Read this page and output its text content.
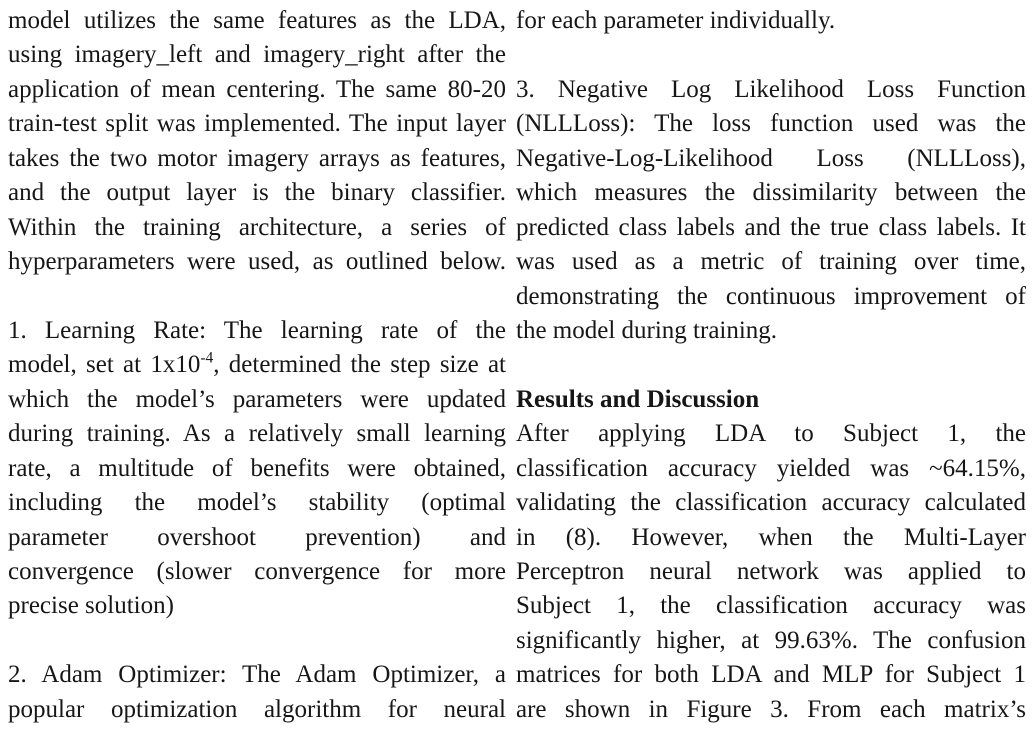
model utilizes the same features as the LDA,
using imagery_left and imagery_right after the
application of mean centering. The same 80-20
train-test split was implemented. The input layer
takes the two motor imagery arrays as features,
and the output layer is the binary classifier.
Within the training architecture, a series of
hyperparameters were used, as outlined below.
1. Learning Rate: The learning rate of the
model, set at $1x10^{-4}$, determined the step size at
which the model’s parameters were updated
during training. As a relatively small learning
rate, a multitude of benefits were obtained,
including the model’s stability (optimal
parameter overshoot prevention) and
convergence (slower convergence for more
precise solution)
2. Adam Optimizer: The Adam Optimizer, a
popular optimization algorithm for neural
for each parameter individually.
3. Negative Log Likelihood Loss Function
(NLLLoss): The loss function used was the
Negative-Log-Likelihood Loss (NLLLoss),
which measures the dissimilarity between the
predicted class labels and the true class labels. It
was used as a metric of training over time,
demonstrating the continuous improvement of
the model during training.
Results and Discussion
After applying LDA to Subject 1, the
classification accuracy yielded was ~64.15%,
validating the classification accuracy calculated
in (8). However, when the Multi-Layer
Perceptron neural network was applied to
Subject 1, the classification accuracy was
significantly higher, at 99.63%. The confusion
matrices for both LDA and MLP for Subject 1
are shown in Figure 3. From each matrix’s
